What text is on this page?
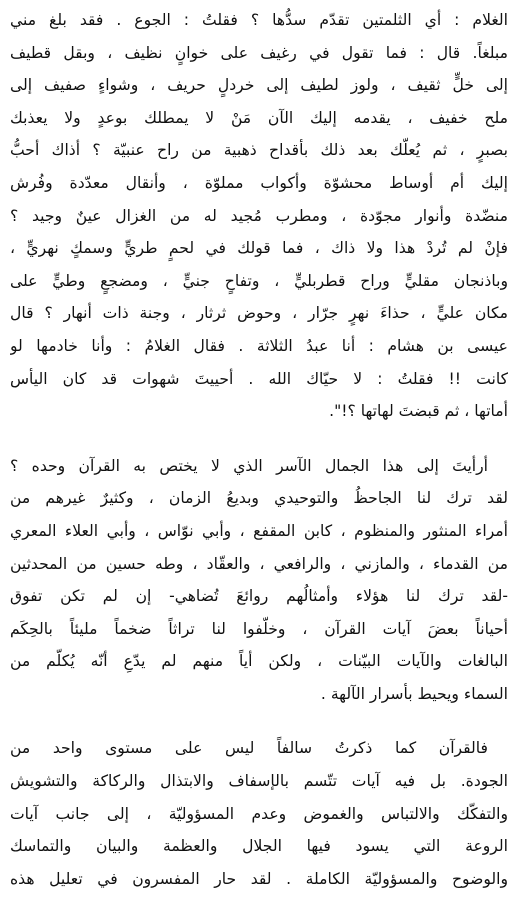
الغلام : أي الثلمتين تقدّم سدُّها ؟ فقلتُ : الجوع . فقد بلغ مني
مبلغاً. قال : فما تقول في رغيف على خوانٍ نظيف ، وبقل قطيف
إلى خلٍّ ثقيف ، ولوز لطيف إلى خردلٍ حريف ، وشواءٍ صفيف إلى
ملح خفيف ، يقدمه إليك الآن مَنْ لا يمطلك بوعدٍ ولا يعذبك
بصبرٍ ، ثم يُعلّك بعد ذلك بأقداح ذهبية من راح عنبيّة ؟ أذاك أحبُّ
إليك أم أوساط محشوّة وأكواب مملوّة ، وأنقال معدّدة وفُرش
منضّدة وأنوار مجوّدة ، ومطرب مُجيد له من الغزال عينٌ وجيد ؟
فإنْ لم تُردْ هذا ولا ذاك ، فما قولك في لحمٍ طريٍّ وسمكٍ نهريٍّ ،
وباذنجان مقليٍّ وراح قطربليٍّ ، وتفاحٍ جنيٍّ ، ومضجعٍ وطيٍّ على
مكان عليٍّ ، حذاءَ نهرٍ جرّار ، وحوض ثرثار ، وجنة ذات أنهار ؟ قال
عيسى بن هشام : أنا عبدُ الثلاثة . فقال الغلامُ : وأنا خادمها لو
كانت !! فقلتُ : لا حيّاك الله . أحييتَ شهوات قد كان اليأس
أماتها ، ثم قبضتَ لهاتها ؟!".
أرأيتَ إلى هذا الجمال الآسر الذي لا يختص به القرآن وحده ؟
لقد ترك لنا الجاحظُ والتوحيدي وبديعُ الزمان ، وكثيرٌ غيرهم من
أمراء المنثور والمنظوم ، كابن المقفع ، وأبي نوّاس ، وأبي العلاء المعري
من القدماء ، والمازني ، والرافعي ، والعقّاد ، وطه حسين من المحدثين
-لقد ترك لنا هؤلاء وأمثالُهم روائعَ تُضاهي- إن لم تكن تفوق
أحياناً بعضَ آيات القرآن ، وخلّفوا لنا تراثاً ضخماً مليئاً بالحِكَم
البالغات والآيات البيّنات ، ولكن أياً منهم لم يدّعِ أنّه يُكلّم من
السماء ويحيط بأسرار الآلهة .
فالقرآن كما ذكرتُ سالفاً ليس على مستوى واحد من
الجودة. بل فيه آيات تتّسم بالإسفاف والابتذال والركاكة والتشويش
والتفكّك والالتباس والغموض وعدم المسؤوليّة ، إلى جانب آيات
الروعة التي يسود فيها الجلال والعظمة والبيان والتماسك
والوضوح والمسؤوليّة الكاملة . لقد حار المفسرون في تعليل هذه
